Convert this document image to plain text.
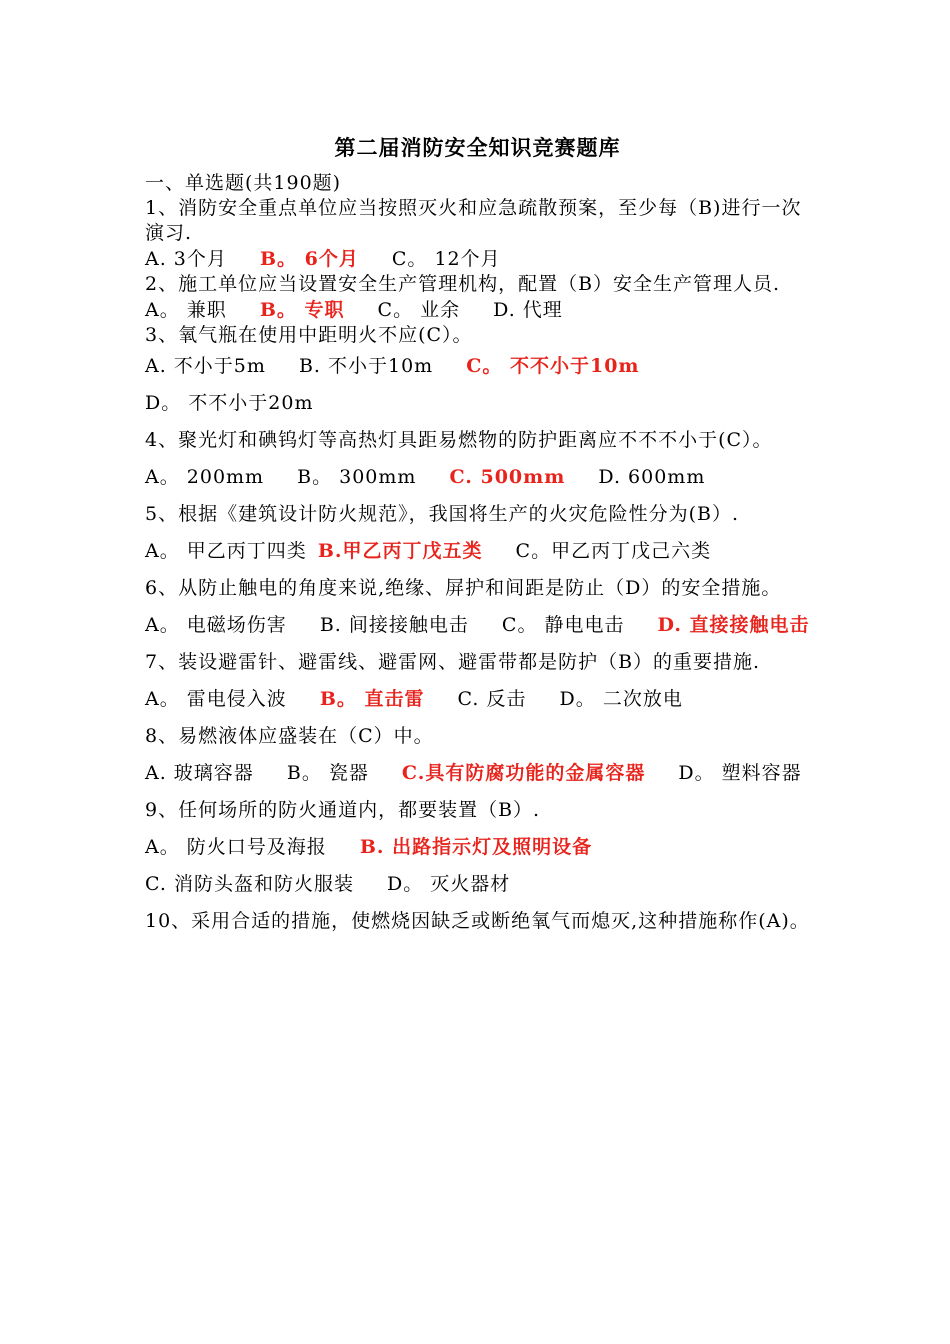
第二届消防安全知识竞赛题库
一、单选题(共190题)
1、消防安全重点单位应当按照灭火和应急疏散预案，至少每（B)进行一次演习.
A. 3个月 B。 6个月 C。 12个月
2、施工单位应当设置安全生产管理机构，配置（B）安全生产管理人员.
A。 兼职 B。 专职 C。 业余 D. 代理
3、氧气瓶在使用中距明火不应(C）。
A. 不小于5m B. 不小于10m C。 不不小于10m D。 不不小于20m
4、聚光灯和碘钨灯等高热灯具距易燃物的防护距离应不不不小于(C）。
A。 200mm B。 300mm C. 500mm D. 600mm
5、根据《建筑设计防火规范》，我国将生产的火灾危险性分为(B）.
A。 甲乙丙丁四类 B.甲乙丙丁戊五类 C。甲乙丙丁戊己六类
6、从防止触电的角度来说,绝缘、屏护和间距是防止（D）的安全措施。
A。 电磁场伤害 B. 间接接触电击 C。 静电电击 D. 直接接触电击
7、装设避雷针、避雷线、避雷网、避雷带都是防护（B）的重要措施.
A。 雷电侵入波 B。 直击雷 C. 反击 D。 二次放电
8、易燃液体应盛装在（C）中。
A. 玻璃容器 B。 瓷器 C.具有防腐功能的金属容器 D。 塑料容器
9、任何场所的防火通道内，都要装置（B）.
A。 防火口号及海报 B. 出路指示灯及照明设备
C. 消防头盔和防火服装 D。 灭火器材
10、采用合适的措施，使燃烧因缺乏或断绝氧气而熄灭,这种措施称作(A)。
